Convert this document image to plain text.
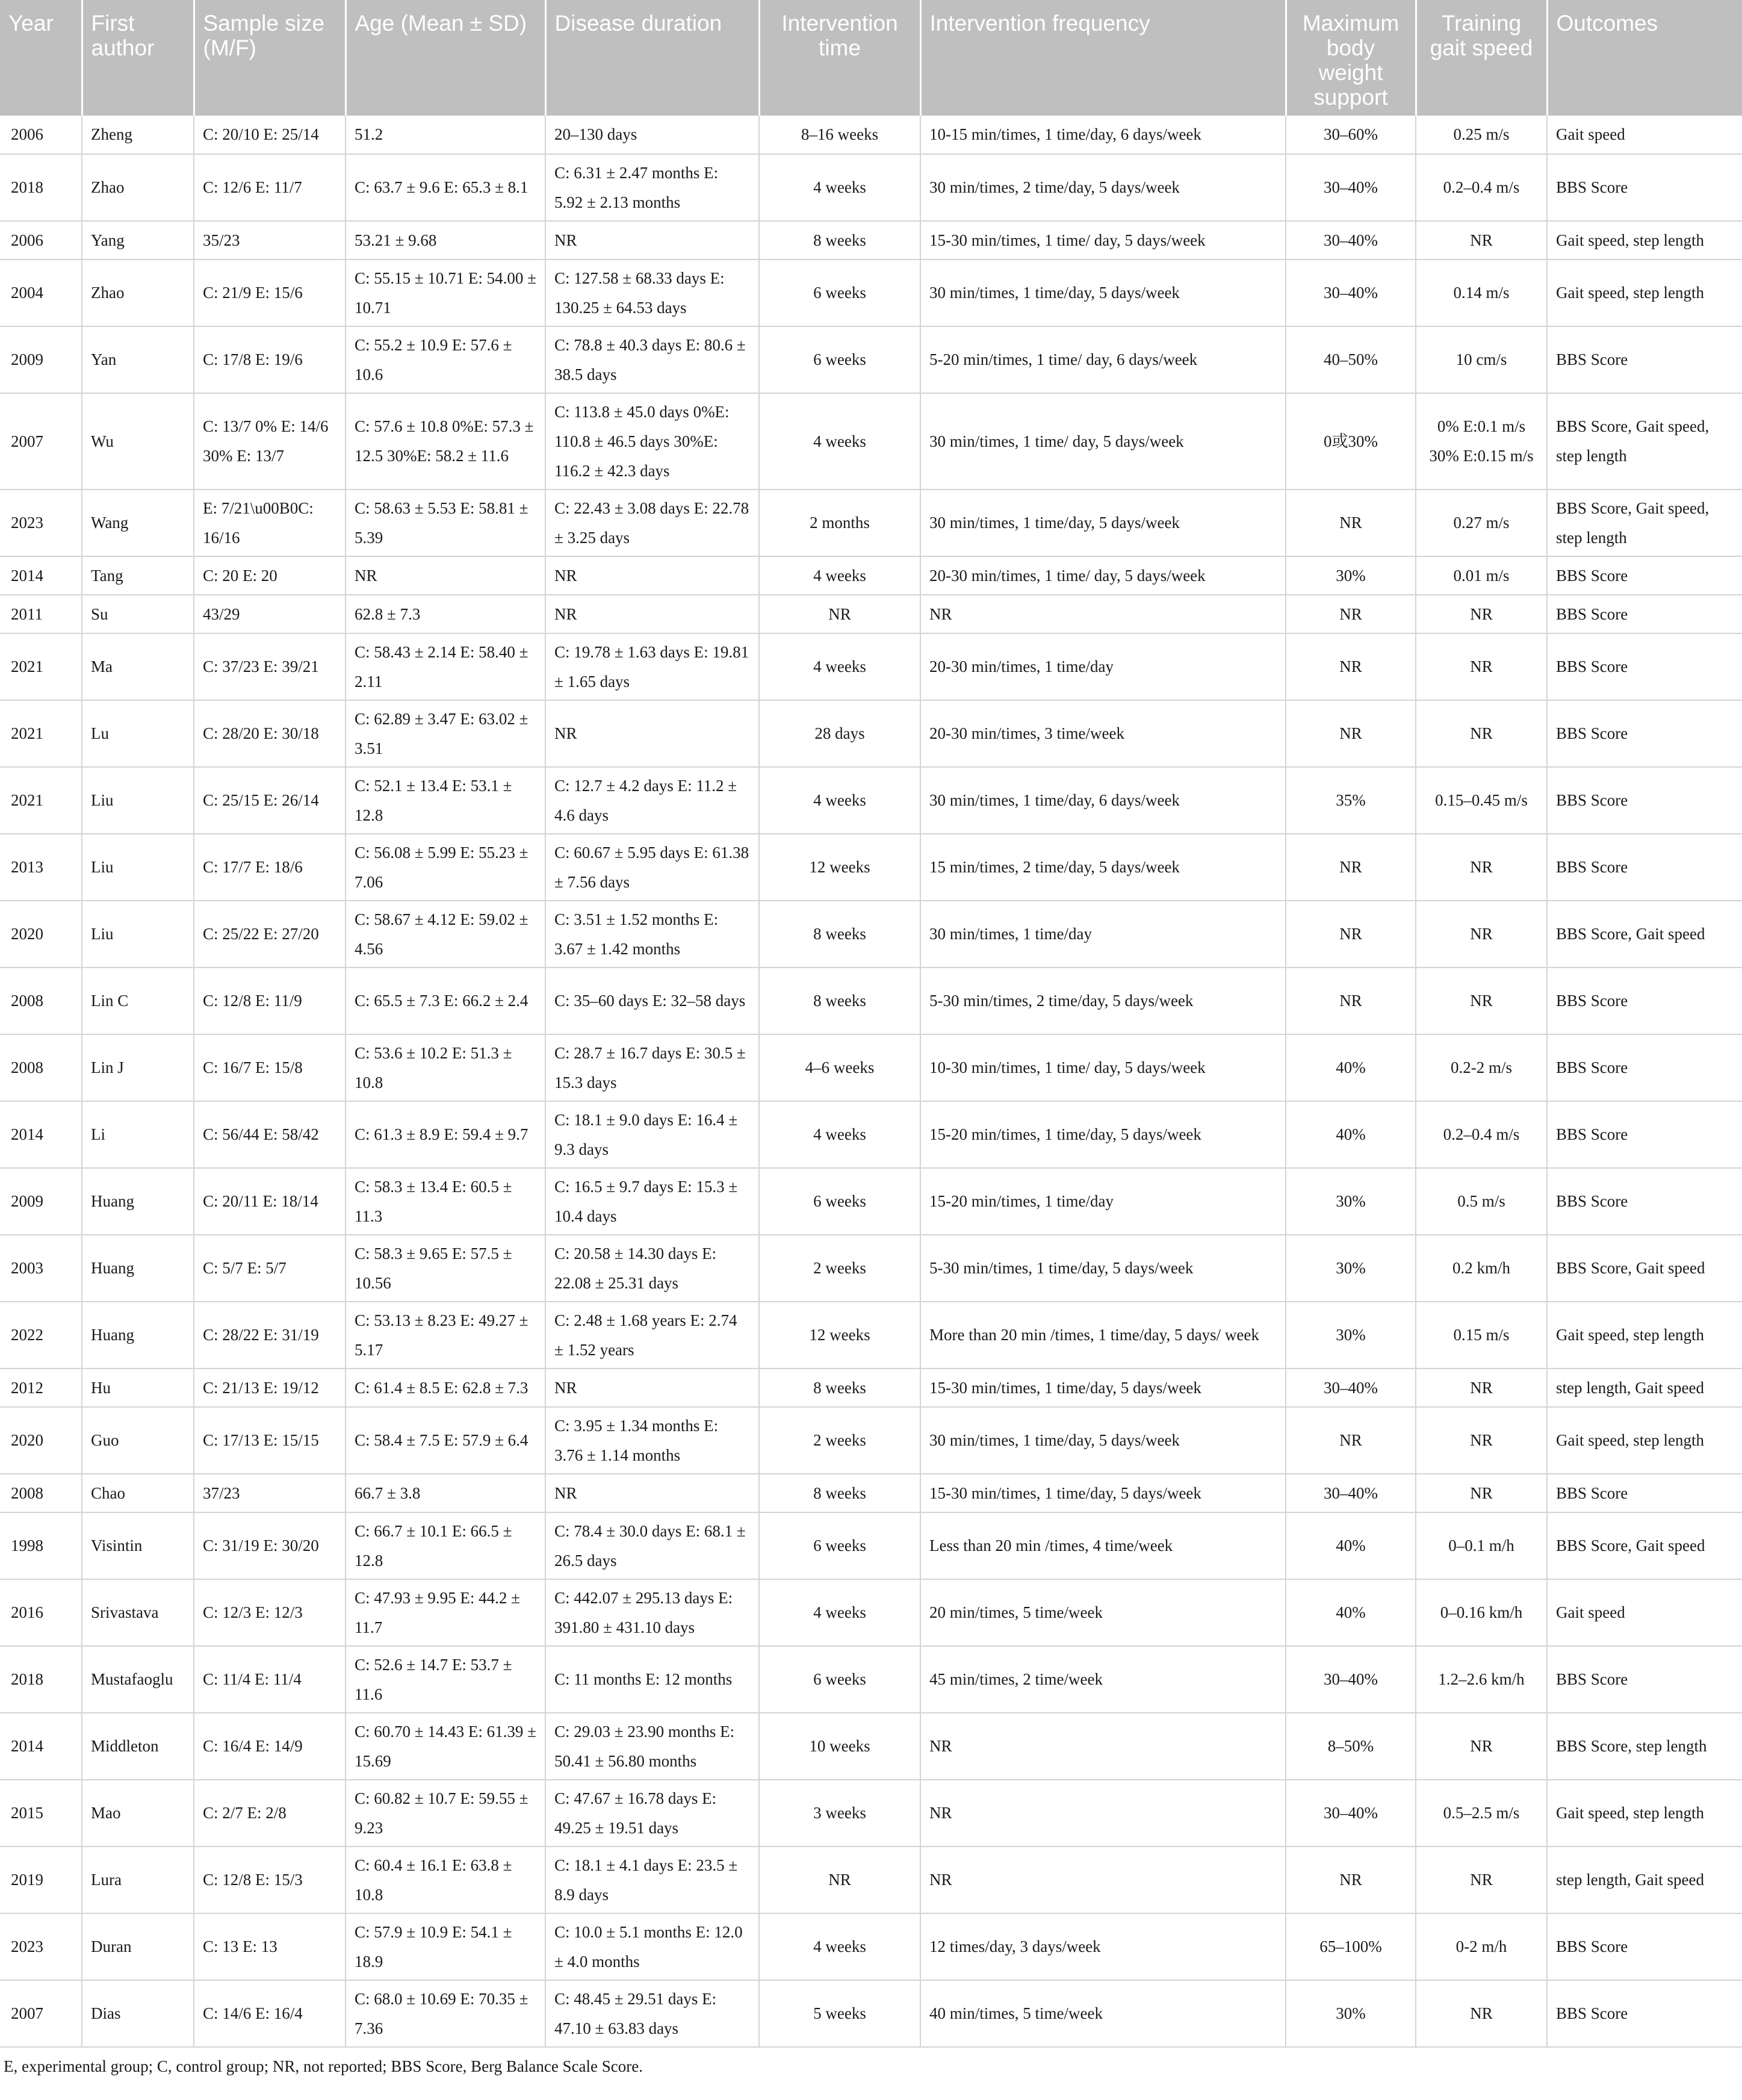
Year	First author	Sample size (M/F)	Age (Mean ± SD)	Disease duration	Intervention time	Intervention frequency	Maximum body weight support	Training gait speed	Outcomes
2006	Zheng	C: 20/10 E: 25/14	51.2	20–130 days	8–16 weeks	10-15 min/times, 1 time/day, 6 days/week	30–60%	0.25 m/s	Gait speed
2018	Zhao	C: 12/6 E: 11/7	C: 63.7 ± 9.6 E: 65.3 ± 8.1	C: 6.31 ± 2.47 months E: 5.92 ± 2.13 months	4 weeks	30 min/times, 2 time/day, 5 days/week	30–40%	0.2–0.4 m/s	BBS Score
2006	Yang	35/23	53.21 ± 9.68	NR	8 weeks	15-30 min/times, 1 time/ day, 5 days/week	30–40%	NR	Gait speed, step length
2004	Zhao	C: 21/9 E: 15/6	C: 55.15 ± 10.71 E: 54.00 ± 10.71	C: 127.58 ± 68.33 days E: 130.25 ± 64.53 days	6 weeks	30 min/times, 1 time/day, 5 days/week	30–40%	0.14 m/s	Gait speed, step length
2009	Yan	C: 17/8 E: 19/6	C: 55.2 ± 10.9 E: 57.6 ± 10.6	C: 78.8 ± 40.3 days E: 80.6 ± 38.5 days	6 weeks	5-20 min/times, 1 time/ day, 6 days/week	40–50%	10 cm/s	BBS Score
2007	Wu	C: 13/7 0% E: 14/6 30% E: 13/7	C: 57.6 ± 10.8 0%E: 57.3 ± 12.5 30%E: 58.2 ± 11.6	C: 113.8 ± 45.0 days 0%E: 110.8 ± 46.5 days 30%E: 116.2 ± 42.3 days	4 weeks	30 min/times, 1 time/ day, 5 days/week	0或30%	0% E:0.1 m/s 30% E:0.15 m/s	BBS Score, Gait speed, step length
2023	Wang	E: 7/21\u00B0C: 16/16	C: 58.63 ± 5.53 E: 58.81 ± 5.39	C: 22.43 ± 3.08 days E: 22.78 ± 3.25 days	2 months	30 min/times, 1 time/day, 5 days/week	NR	0.27 m/s	BBS Score, Gait speed, step length
2014	Tang	C: 20 E: 20	NR	NR	4 weeks	20-30 min/times, 1 time/ day, 5 days/week	30%	0.01 m/s	BBS Score
2011	Su	43/29	62.8 ± 7.3	NR	NR	NR	NR	NR	BBS Score
2021	Ma	C: 37/23 E: 39/21	C: 58.43 ± 2.14 E: 58.40 ± 2.11	C: 19.78 ± 1.63 days E: 19.81 ± 1.65 days	4 weeks	20-30 min/times, 1 time/day	NR	NR	BBS Score
2021	Lu	C: 28/20 E: 30/18	C: 62.89 ± 3.47 E: 63.02 ± 3.51	NR	28 days	20-30 min/times, 3 time/week	NR	NR	BBS Score
2021	Liu	C: 25/15 E: 26/14	C: 52.1 ± 13.4 E: 53.1 ± 12.8	C: 12.7 ± 4.2 days E: 11.2 ± 4.6 days	4 weeks	30 min/times, 1 time/day, 6 days/week	35%	0.15–0.45 m/s	BBS Score
2013	Liu	C: 17/7 E: 18/6	C: 56.08 ± 5.99 E: 55.23 ± 7.06	C: 60.67 ± 5.95 days E: 61.38 ± 7.56 days	12 weeks	15 min/times, 2 time/day, 5 days/week	NR	NR	BBS Score
2020	Liu	C: 25/22 E: 27/20	C: 58.67 ± 4.12 E: 59.02 ± 4.56	C: 3.51 ± 1.52 months E: 3.67 ± 1.42 months	8 weeks	30 min/times, 1 time/day	NR	NR	BBS Score, Gait speed
2008	Lin C	C: 12/8 E: 11/9	C: 65.5 ± 7.3 E: 66.2 ± 2.4	C: 35–60 days E: 32–58 days	8 weeks	5-30 min/times, 2 time/day, 5 days/week	NR	NR	BBS Score
2008	Lin J	C: 16/7 E: 15/8	C: 53.6 ± 10.2 E: 51.3 ± 10.8	C: 28.7 ± 16.7 days E: 30.5 ± 15.3 days	4–6 weeks	10-30 min/times, 1 time/ day, 5 days/week	40%	0.2-2 m/s	BBS Score
2014	Li	C: 56/44 E: 58/42	C: 61.3 ± 8.9 E: 59.4 ± 9.7	C: 18.1 ± 9.0 days E: 16.4 ± 9.3 days	4 weeks	15-20 min/times, 1 time/day, 5 days/week	40%	0.2–0.4 m/s	BBS Score
2009	Huang	C: 20/11 E: 18/14	C: 58.3 ± 13.4 E: 60.5 ± 11.3	C: 16.5 ± 9.7 days E: 15.3 ± 10.4 days	6 weeks	15-20 min/times, 1 time/day	30%	0.5 m/s	BBS Score
2003	Huang	C: 5/7 E: 5/7	C: 58.3 ± 9.65 E: 57.5 ± 10.56	C: 20.58 ± 14.30 days E: 22.08 ± 25.31 days	2 weeks	5-30 min/times, 1 time/day, 5 days/week	30%	0.2 km/h	BBS Score, Gait speed
2022	Huang	C: 28/22 E: 31/19	C: 53.13 ± 8.23 E: 49.27 ± 5.17	C: 2.48 ± 1.68 years E: 2.74 ± 1.52 years	12 weeks	More than 20 min /times, 1 time/day, 5 days/ week	30%	0.15 m/s	Gait speed, step length
2012	Hu	C: 21/13 E: 19/12	C: 61.4 ± 8.5 E: 62.8 ± 7.3	NR	8 weeks	15-30 min/times, 1 time/day, 5 days/week	30–40%	NR	step length, Gait speed
2020	Guo	C: 17/13 E: 15/15	C: 58.4 ± 7.5 E: 57.9 ± 6.4	C: 3.95 ± 1.34 months E: 3.76 ± 1.14 months	2 weeks	30 min/times, 1 time/day, 5 days/week	NR	NR	Gait speed, step length
2008	Chao	37/23	66.7 ± 3.8	NR	8 weeks	15-30 min/times, 1 time/day, 5 days/week	30–40%	NR	BBS Score
1998	Visintin	C: 31/19 E: 30/20	C: 66.7 ± 10.1 E: 66.5 ± 12.8	C: 78.4 ± 30.0 days E: 68.1 ± 26.5 days	6 weeks	Less than 20 min /times, 4 time/week	40%	0–0.1 m/h	BBS Score, Gait speed
2016	Srivastava	C: 12/3 E: 12/3	C: 47.93 ± 9.95 E: 44.2 ± 11.7	C: 442.07 ± 295.13 days E: 391.80 ± 431.10 days	4 weeks	20 min/times, 5 time/week	40%	0–0.16 km/h	Gait speed
2018	Mustafaoglu	C: 11/4 E: 11/4	C: 52.6 ± 14.7 E: 53.7 ± 11.6	C: 11 months E: 12 months	6 weeks	45 min/times, 2 time/week	30–40%	1.2–2.6 km/h	BBS Score
2014	Middleton	C: 16/4 E: 14/9	C: 60.70 ± 14.43 E: 61.39 ± 15.69	C: 29.03 ± 23.90 months E: 50.41 ± 56.80 months	10 weeks	NR	8–50%	NR	BBS Score, step length
2015	Mao	C: 2/7 E: 2/8	C: 60.82 ± 10.7 E: 59.55 ± 9.23	C: 47.67 ± 16.78 days E: 49.25 ± 19.51 days	3 weeks	NR	30–40%	0.5–2.5 m/s	Gait speed, step length
2019	Lura	C: 12/8 E: 15/3	C: 60.4 ± 16.1 E: 63.8 ± 10.8	C: 18.1 ± 4.1 days E: 23.5 ± 8.9 days	NR	NR	NR	NR	step length, Gait speed
2023	Duran	C: 13 E: 13	C: 57.9 ± 10.9 E: 54.1 ± 18.9	C: 10.0 ± 5.1 months E: 12.0 ± 4.0 months	4 weeks	12 times/day, 3 days/week	65–100%	0-2 m/h	BBS Score
2007	Dias	C: 14/6 E: 16/4	C: 68.0 ± 10.69 E: 70.35 ± 7.36	C: 48.45 ± 29.51 days E: 47.10 ± 63.83 days	5 weeks	40 min/times, 5 time/week	30%	NR	BBS Score
E, experimental group; C, control group; NR, not reported; BBS Score, Berg Balance Scale Score.
